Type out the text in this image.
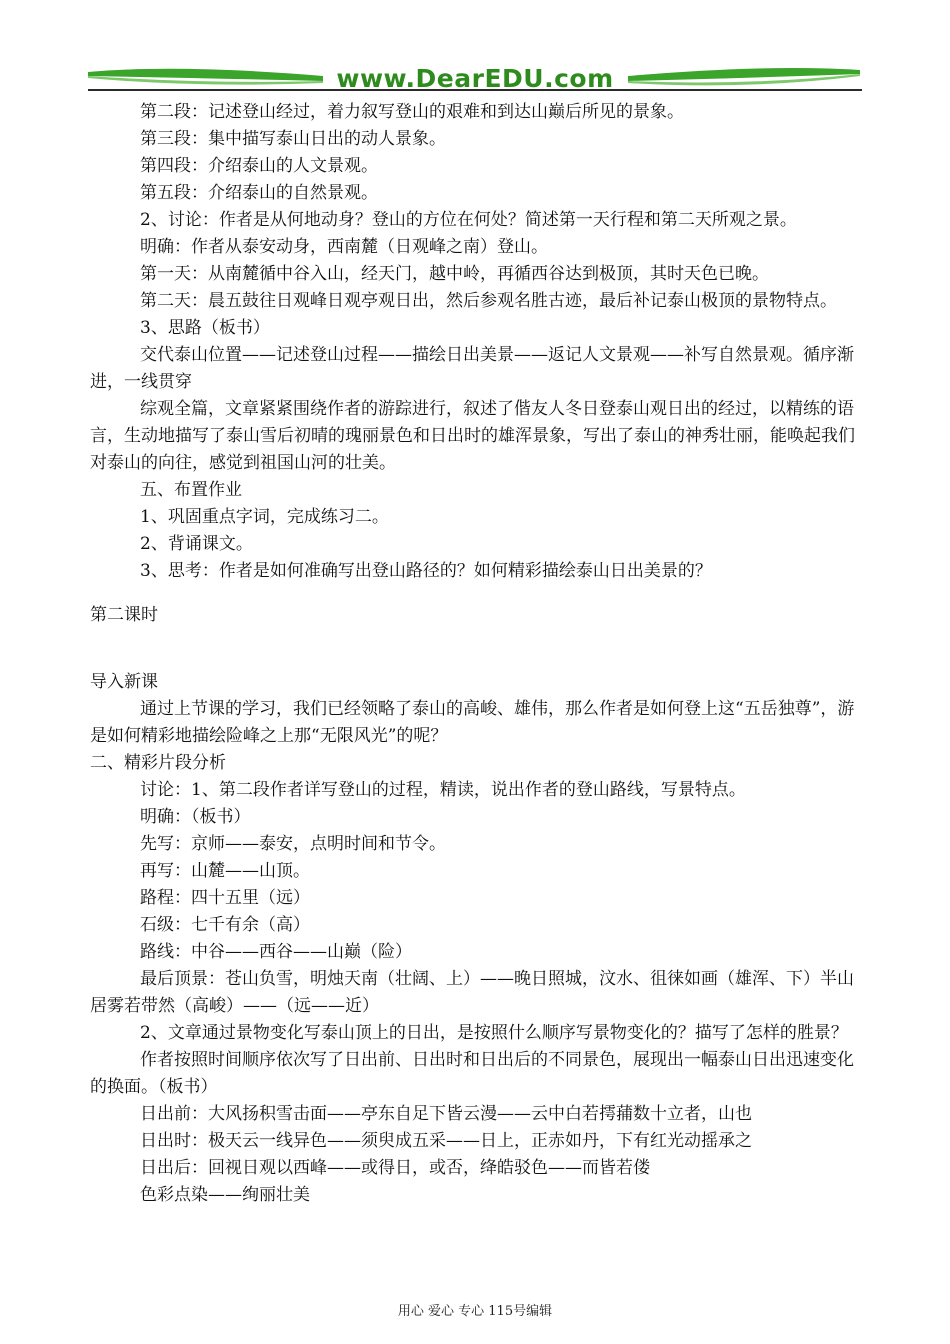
www.DearEDU.com

第二段：记述登山经过，着力叙写登山的艰难和到达山巅后所见的景象。

第三段：集中描写泰山日出的动人景象。

第四段：介绍泰山的人文景观。

第五段：介绍泰山的自然景观。

2、讨论：作者是从何地动身？登山的方位在何处？简述第一天行程和第二天所观之景。

明确：作者从泰安动身，西南麓（日观峰之南）登山。

第一天：从南麓循中谷入山，经天门，越中岭，再循西谷达到极顶，其时天色已晚。

第二天：晨五鼓往日观峰日观亭观日出，然后参观名胜古迹，最后补记泰山极顶的景物特点。

3、思路（板书）

交代泰山位置——记述登山过程——描绘日出美景——返记人文景观——补写自然景观。循序渐进，一线贯穿

综观全篇，文章紧紧围绕作者的游踪进行，叙述了偕友人冬日登泰山观日出的经过，以精练的语言，生动地描写了泰山雪后初晴的瑰丽景色和日出时的雄浑景象，写出了泰山的神秀壮丽，能唤起我们对泰山的向往，感觉到祖国山河的壮美。

五、布置作业

1、巩固重点字词，完成练习二。

2、背诵课文。

3、思考：作者是如何准确写出登山路径的？如何精彩描绘泰山日出美景的？

第二课时

导入新课

通过上节课的学习，我们已经领略了泰山的高峻、雄伟，那么作者是如何登上这“五岳独尊”，游是如何精彩地描绘险峰之上那“无限风光”的呢？

二、精彩片段分析

讨论：1、第二段作者详写登山的过程，精读，说出作者的登山路线，写景特点。

明确：（板书）

先写：京师——泰安，点明时间和节令。

再写：山麓——山顶。

路程：四十五里（远）

石级：七千有余（高）

路线：中谷——西谷——山巅（险）

最后顶景：苍山负雪，明烛天南（壮阔、上）——晚日照城，汶水、徂徕如画（雄浑、下）半山居雾若带然（高峻）——（远——近）

2、文章通过景物变化写泰山顶上的日出，是按照什么顺序写景物变化的？描写了怎样的胜景？

作者按照时间顺序依次写了日出前、日出时和日出后的不同景色，展现出一幅泰山日出迅速变化的换面。（板书）

日出前：大风扬积雪击面——亭东自足下皆云漫——云中白若摴蒱数十立者，山也

日出时：极天云一线异色——须臾成五采——日上，正赤如丹，下有红光动摇承之

日出后：回视日观以西峰——或得日，或否，绛皓驳色——而皆若偻

色彩点染——绚丽壮美

用心 爱心 专心 115号编辑
